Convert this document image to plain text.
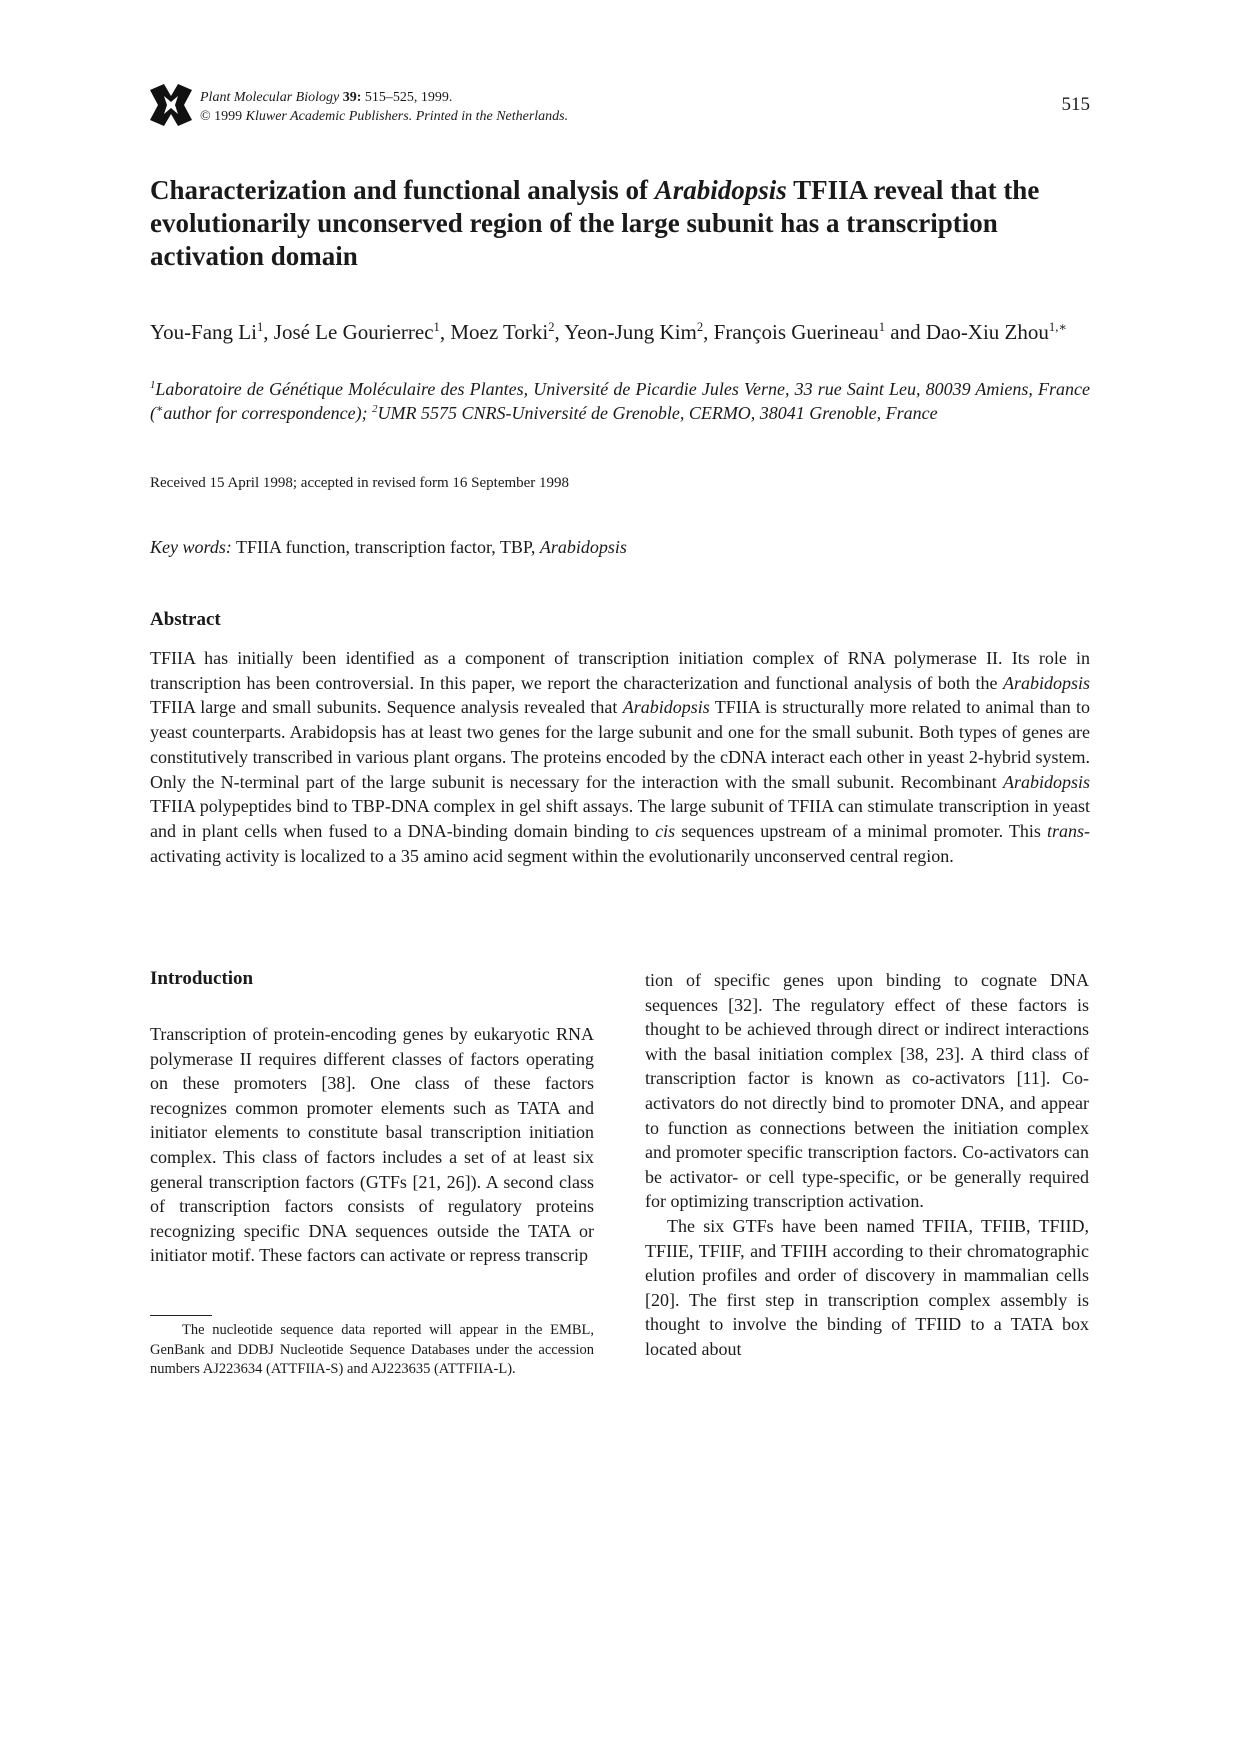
Plant Molecular Biology 39: 515–525, 1999.
© 1999 Kluwer Academic Publishers. Printed in the Netherlands.
515
Characterization and functional analysis of Arabidopsis TFIIA reveal that the evolutionarily unconserved region of the large subunit has a transcription activation domain
You-Fang Li$^1$, José Le Gourierrec$^1$, Moez Torki$^2$, Yeon-Jung Kim$^2$, François Guerineau$^1$ and Dao-Xiu Zhou$^{1,∗}$
$^1$Laboratoire de Génétique Moléculaire des Plantes, Université de Picardie Jules Verne, 33 rue Saint Leu, 80039 Amiens, France (∗author for correspondence); $^2$UMR 5575 CNRS-Université de Grenoble, CERMO, 38041 Grenoble, France
Received 15 April 1998; accepted in revised form 16 September 1998
Key words: TFIIA function, transcription factor, TBP, Arabidopsis
Abstract
TFIIA has initially been identified as a component of transcription initiation complex of RNA polymerase II. Its role in transcription has been controversial. In this paper, we report the characterization and functional analysis of both the Arabidopsis TFIIA large and small subunits. Sequence analysis revealed that Arabidopsis TFIIA is structurally more related to animal than to yeast counterparts. Arabidopsis has at least two genes for the large subunit and one for the small subunit. Both types of genes are constitutively transcribed in various plant organs. The proteins encoded by the cDNA interact each other in yeast 2-hybrid system. Only the N-terminal part of the large subunit is necessary for the interaction with the small subunit. Recombinant Arabidopsis TFIIA polypeptides bind to TBP-DNA complex in gel shift assays. The large subunit of TFIIA can stimulate transcription in yeast and in plant cells when fused to a DNA-binding domain binding to cis sequences upstream of a minimal promoter. This trans-activating activity is localized to a 35 amino acid segment within the evolutionarily unconserved central region.
Introduction

Transcription of protein-encoding genes by eukaryotic RNA polymerase II requires different classes of factors operating on these promoters [38]. One class of these factors recognizes common promoter elements such as TATA and initiator elements to constitute basal transcription initiation complex. This class of factors includes a set of at least six general transcription factors (GTFs [21, 26]). A second class of transcription factors consists of regulatory proteins recognizing specific DNA sequences outside the TATA or initiator motif. These factors can activate or repress transcrip

tion of specific genes upon binding to cognate DNA sequences [32]. The regulatory effect of these factors is thought to be achieved through direct or indirect interactions with the basal initiation complex [38, 23]. A third class of transcription factor is known as co-activators [11]. Co-activators do not directly bind to promoter DNA, and appear to function as connections between the initiation complex and promoter specific transcription factors. Co-activators can be activator- or cell type-specific, or be generally required for optimizing transcription activation.

The six GTFs have been named TFIIA, TFIIB, TFIID, TFIIE, TFIIF, and TFIIH according to their chromatographic elution profiles and order of discovery in mammalian cells [20]. The first step in transcription complex assembly is thought to involve the binding of TFIID to a TATA box located about

The nucleotide sequence data reported will appear in the EMBL, GenBank and DDBJ Nucleotide Sequence Databases under the accession numbers AJ223634 (ATTFIIA-S) and AJ223635 (ATTFIIA-L).
